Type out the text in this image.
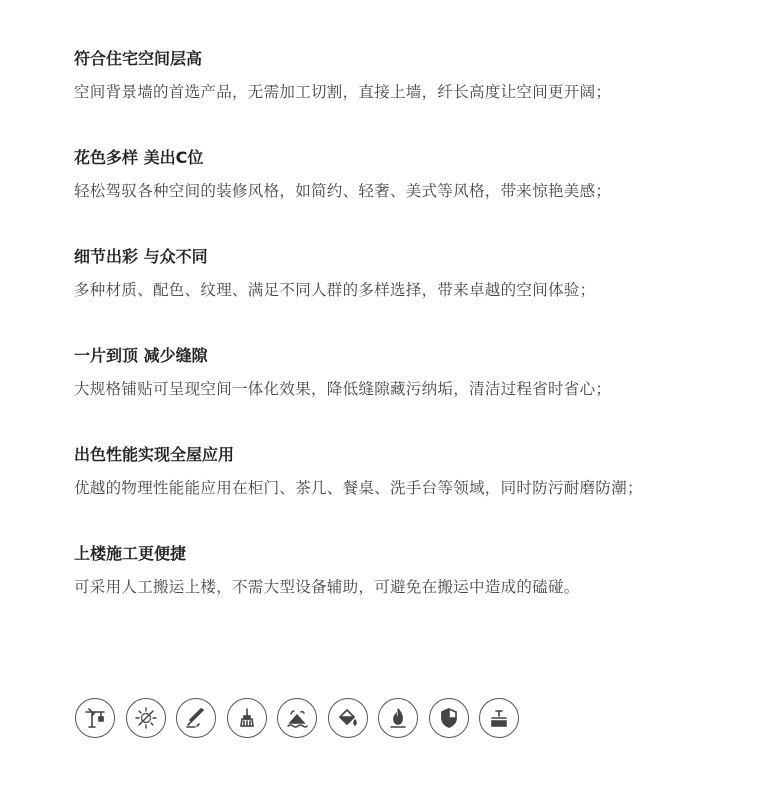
符合住宅空间层高
空间背景墙的首选产品，无需加工切割，直接上墙，纤长高度让空间更开阔；
花色多样 美出C位
轻松驾驭各种空间的装修风格，如简约、轻奢、美式等风格，带来惊艳美感；
细节出彩 与众不同
多种材质、配色、纹理、满足不同人群的多样选择，带来卓越的空间体验；
一片到顶 减少缝隙
大规格铺贴可呈现空间一体化效果，降低缝隙藏污纳垢，清洁过程省时省心；
出色性能实现全屋应用
优越的物理性能能应用在柜门、茶几、餐桌、洗手台等领域，同时防污耐磨防潮；
上楼施工更便捷
可采用人工搬运上楼，不需大型设备辅助，可避免在搬运中造成的磕碰。
